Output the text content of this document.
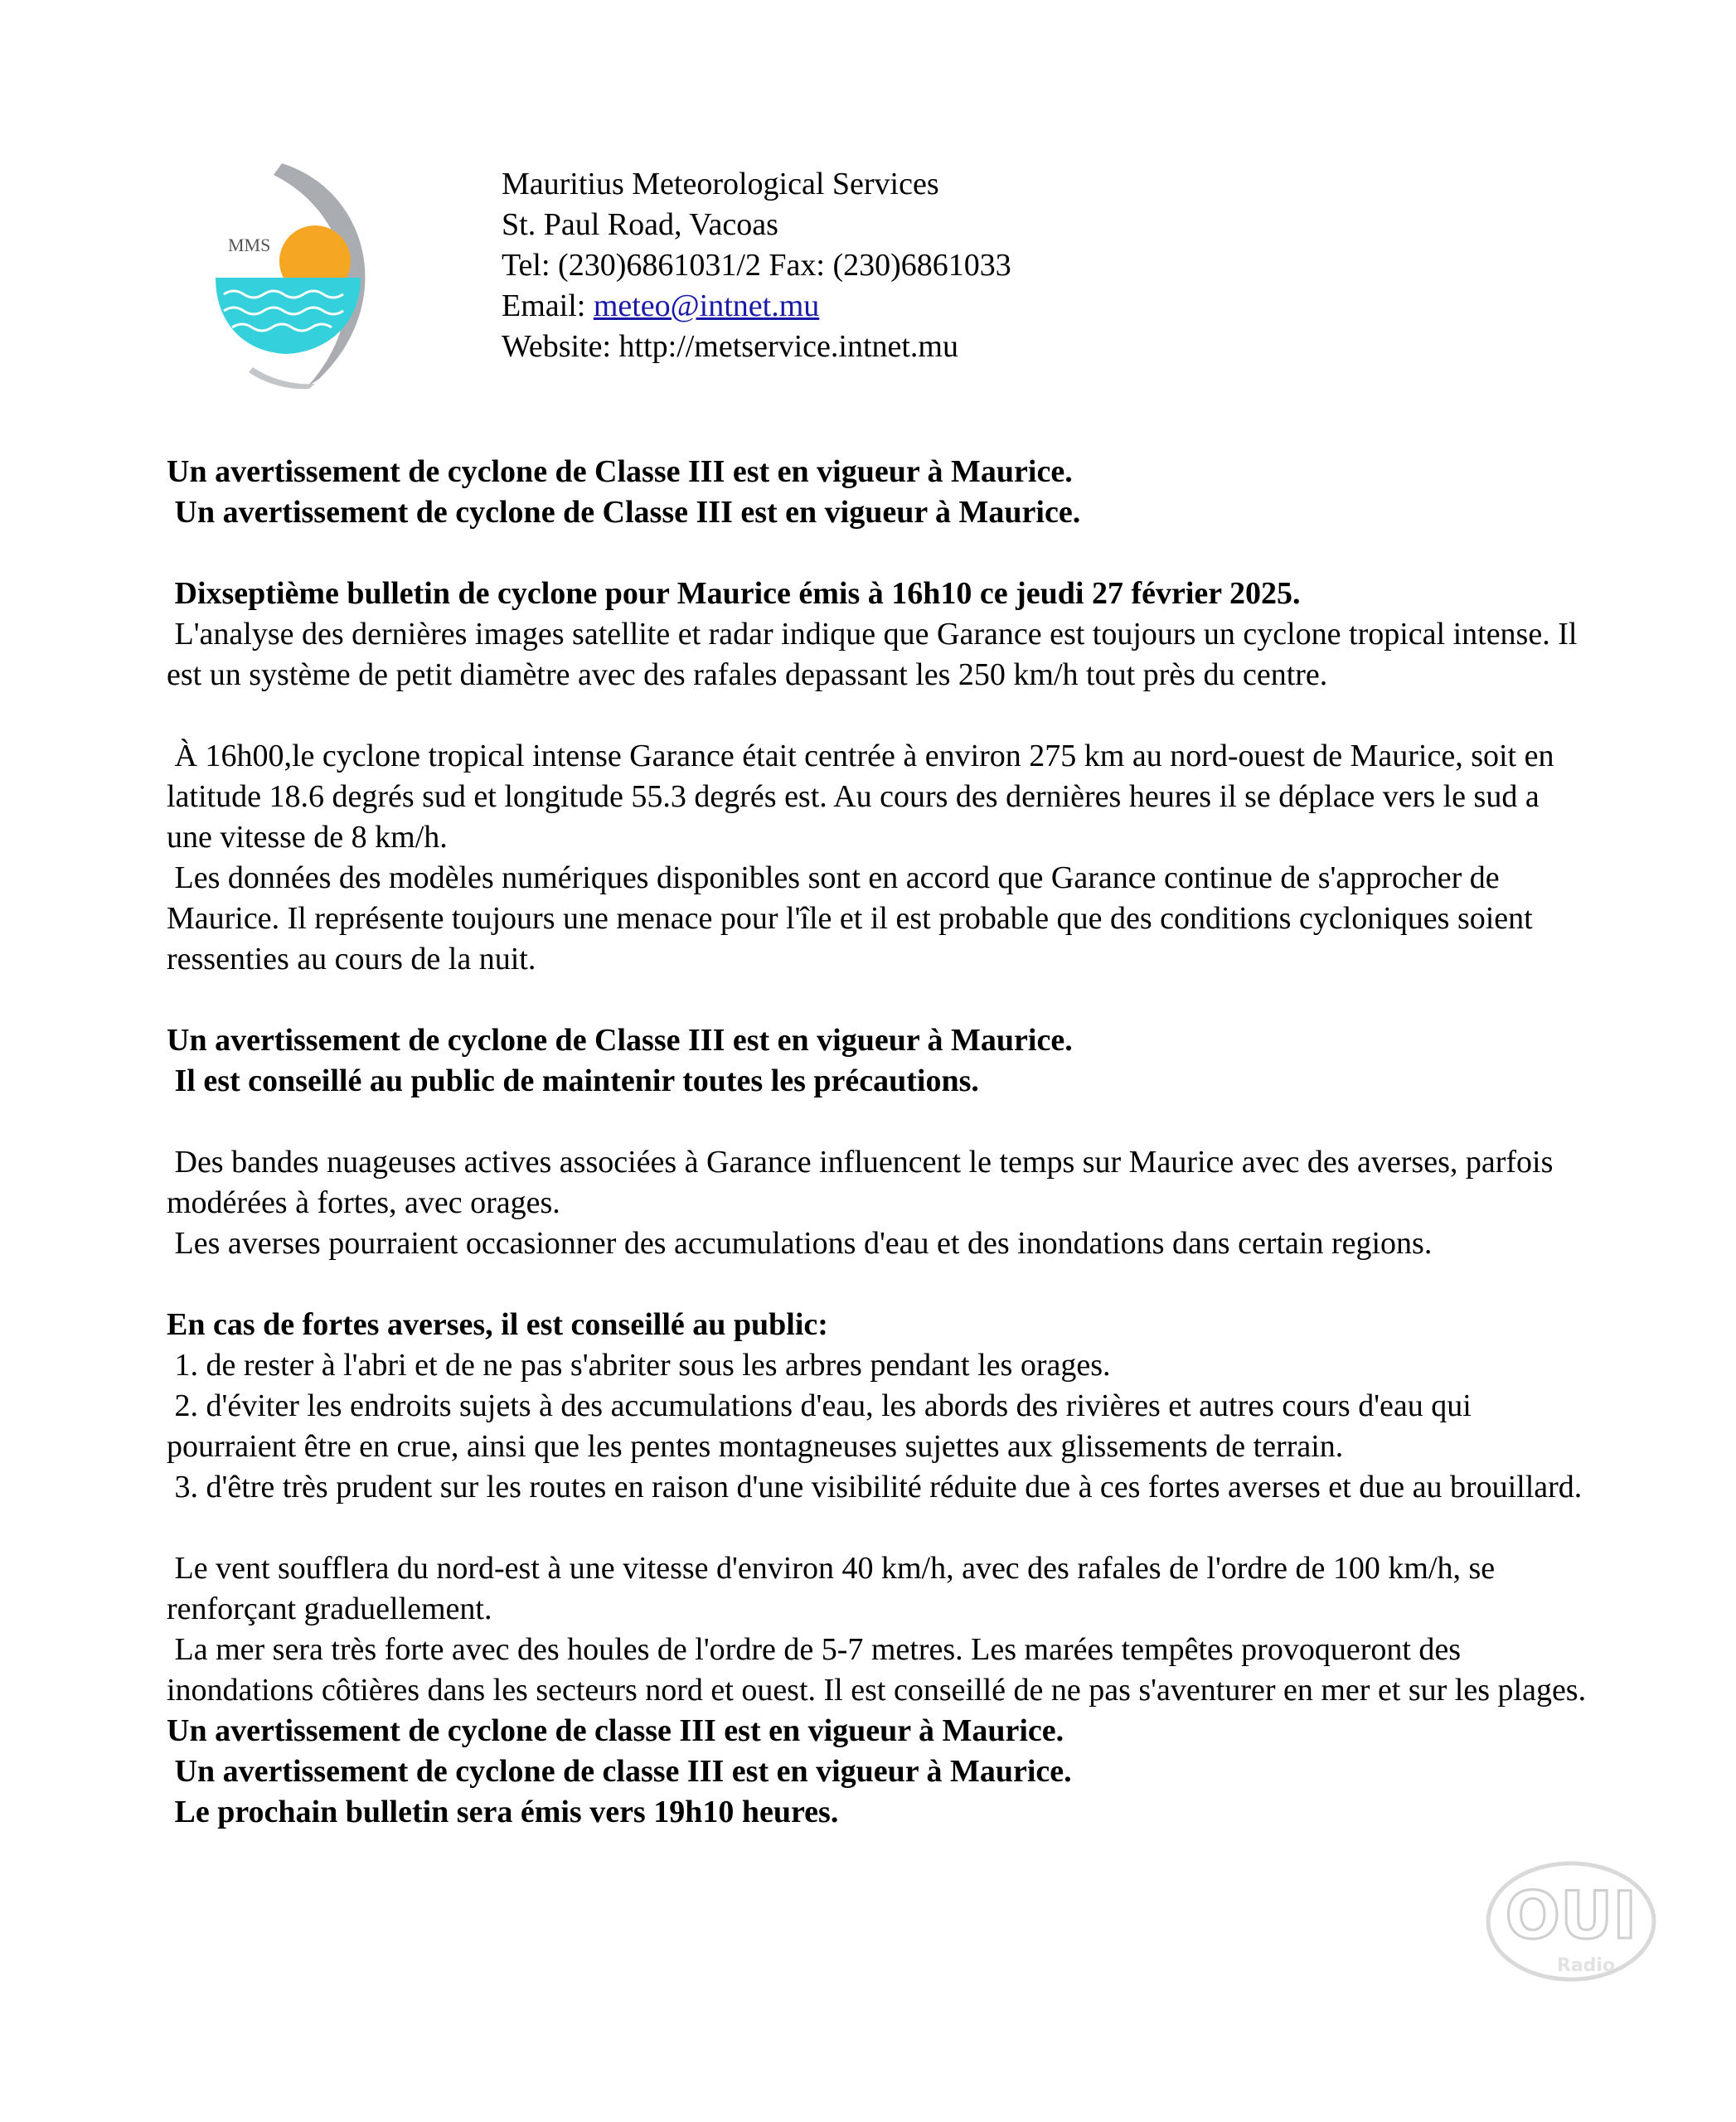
MMS
Mauritius Meteorological Services
St. Paul Road, Vacoas
Tel: (230)6861031/2 Fax: (230)6861033
Email: meteo@intnet.mu
Website: http://metservice.intnet.mu

Un avertissement de cyclone de Classe III est en vigueur à Maurice.

Un avertissement de cyclone de Classe III est en vigueur à Maurice.

Dixseptième bulletin de cyclone pour Maurice émis à 16h10 ce jeudi 27 février 2025.

L'analyse des dernières images satellite et radar indique que Garance est toujours un cyclone tropical intense. Il est un système de petit diamètre avec des rafales depassant les 250 km/h tout près du centre.

À 16h00,le cyclone tropical intense Garance était centrée à environ 275 km au nord-ouest de Maurice, soit en latitude 18.6 degrés sud et longitude 55.3 degrés est. Au cours des dernières heures il se déplace vers le sud a une vitesse de 8 km/h.

Les données des modèles numériques disponibles sont en accord que Garance continue de s'approcher de Maurice. Il représente toujours une menace pour l'île et il est probable que des conditions cycloniques soient ressenties au cours de la nuit.

Un avertissement de cyclone de Classe III est en vigueur à Maurice.

Il est conseillé au public de maintenir toutes les précautions.

Des bandes nuageuses actives associées à Garance influencent le temps sur Maurice avec des averses, parfois modérées à fortes, avec orages.

Les averses pourraient occasionner des accumulations d'eau et des inondations dans certain regions.

En cas de fortes averses, il est conseillé au public:

1. de rester à l'abri et de ne pas s'abriter sous les arbres pendant les orages.

2. d'éviter les endroits sujets à des accumulations d'eau, les abords des rivières et autres cours d'eau qui pourraient être en crue, ainsi que les pentes montagneuses sujettes aux glissements de terrain.

3. d'être très prudent sur les routes en raison d'une visibilité réduite due à ces fortes averses et due au brouillard.

Le vent soufflera du nord-est à une vitesse d'environ 40 km/h, avec des rafales de l'ordre de 100 km/h, se renforçant graduellement.

La mer sera très forte avec des houles de l'ordre de 5-7 metres. Les marées tempêtes provoqueront des inondations côtières dans les secteurs nord et ouest. Il est conseillé de ne pas s'aventurer en mer et sur les plages.

Un avertissement de cyclone de classe III est en vigueur à Maurice.

Un avertissement de cyclone de classe III est en vigueur à Maurice.

Le prochain bulletin sera émis vers 19h10 heures.

OUI
Radio
